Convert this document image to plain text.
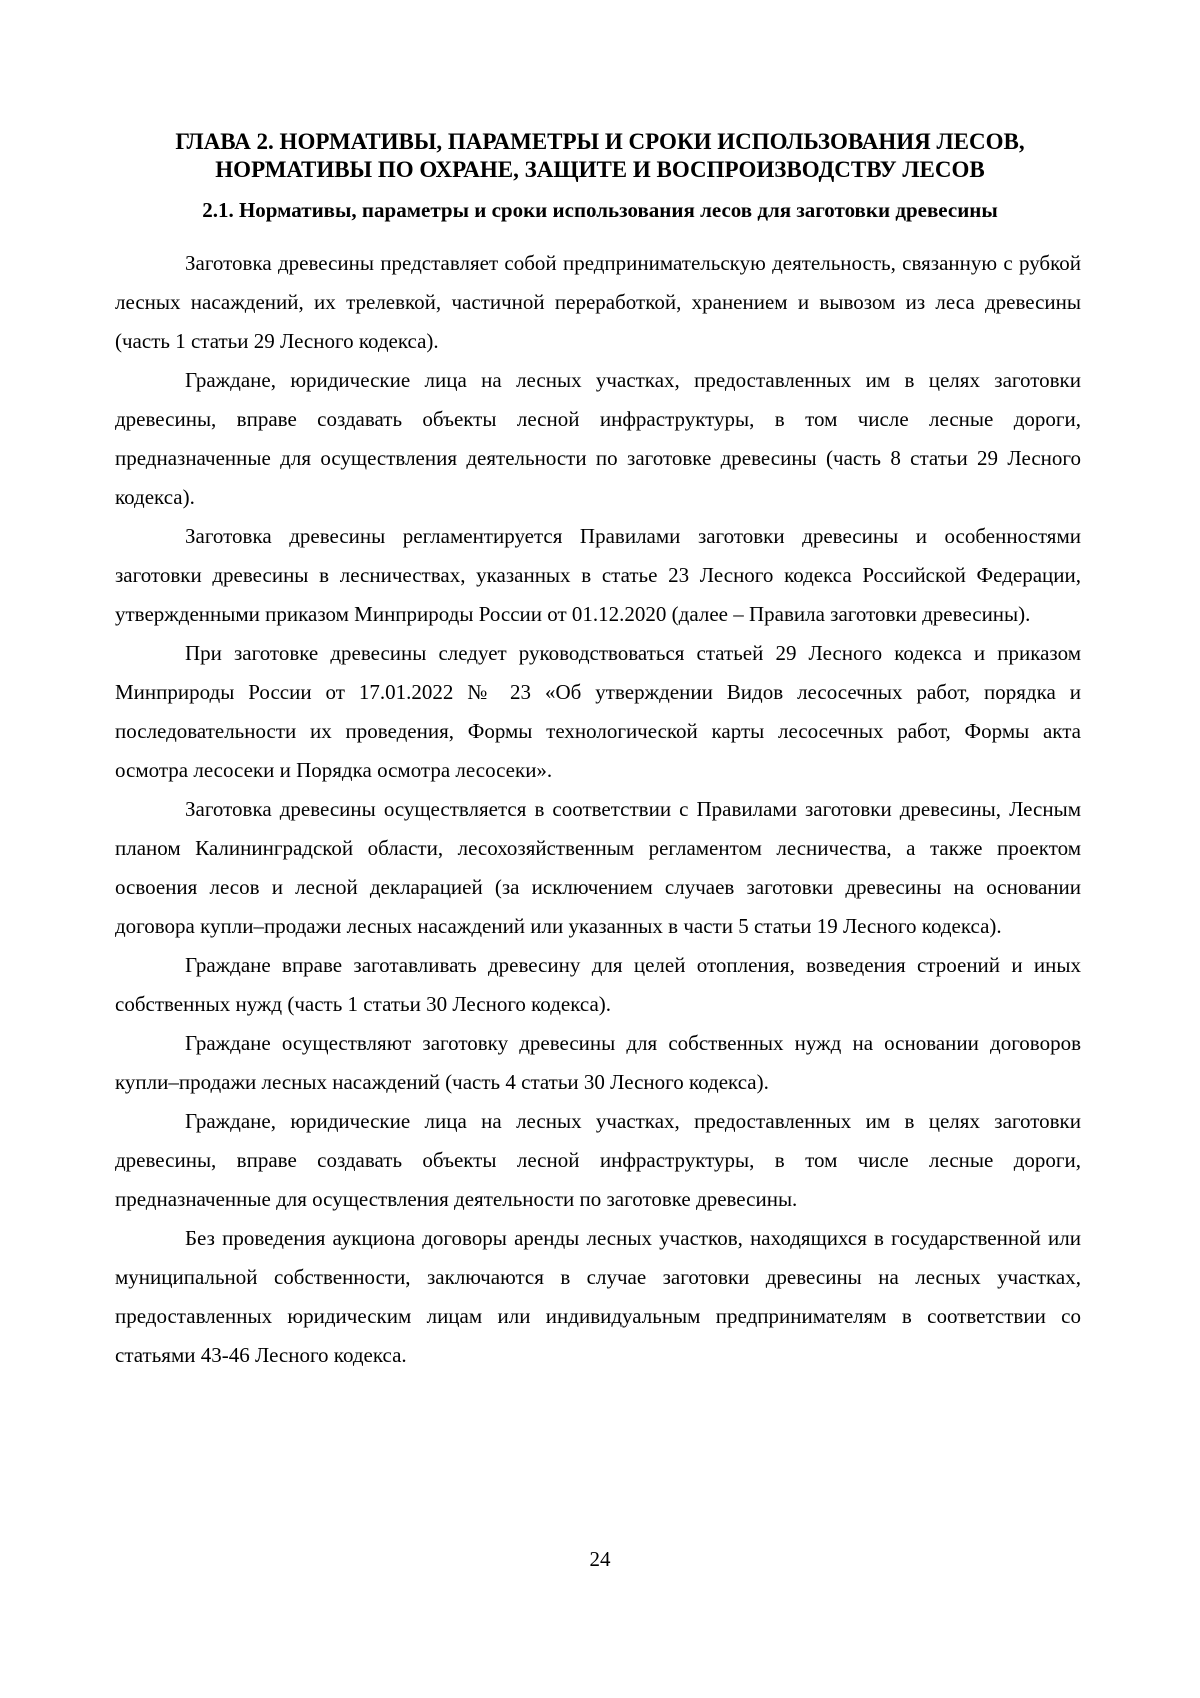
ГЛАВА 2. НОРМАТИВЫ, ПАРАМЕТРЫ И СРОКИ ИСПОЛЬЗОВАНИЯ ЛЕСОВ,
НОРМАТИВЫ ПО ОХРАНЕ, ЗАЩИТЕ И ВОСПРОИЗВОДСТВУ ЛЕСОВ
2.1. Нормативы, параметры и сроки использования лесов для заготовки древесины

Заготовка древесины представляет собой предпринимательскую деятельность, связанную с рубкой лесных насаждений, их трелевкой, частичной переработкой, хранением и вывозом из леса древесины (часть 1 статьи 29 Лесного кодекса).

Граждане, юридические лица на лесных участках, предоставленных им в целях заготовки древесины, вправе создавать объекты лесной инфраструктуры, в том числе лесные дороги, предназначенные для осуществления деятельности по заготовке древесины (часть 8 статьи 29 Лесного кодекса).

Заготовка древесины регламентируется Правилами заготовки древесины и особенностями заготовки древесины в лесничествах, указанных в статье 23 Лесного кодекса Российской Федерации, утвержденными приказом Минприроды России от 01.12.2020 (далее – Правила заготовки древесины).

При заготовке древесины следует руководствоваться статьей 29 Лесного кодекса и приказом Минприроды России от 17.01.2022 № 23 «Об утверждении Видов лесосечных работ, порядка и последовательности их проведения, Формы технологической карты лесосечных работ, Формы акта осмотра лесосеки и Порядка осмотра лесосеки».

Заготовка древесины осуществляется в соответствии с Правилами заготовки древесины, Лесным планом Калининградской области, лесохозяйственным регламентом лесничества, а также проектом освоения лесов и лесной декларацией (за исключением случаев заготовки древесины на основании договора купли–продажи лесных насаждений или указанных в части 5 статьи 19 Лесного кодекса).

Граждане вправе заготавливать древесину для целей отопления, возведения строений и иных собственных нужд (часть 1 статьи 30 Лесного кодекса).

Граждане осуществляют заготовку древесины для собственных нужд на основании договоров купли–продажи лесных насаждений (часть 4 статьи 30 Лесного кодекса).

Граждане, юридические лица на лесных участках, предоставленных им в целях заготовки древесины, вправе создавать объекты лесной инфраструктуры, в том числе лесные дороги, предназначенные для осуществления деятельности по заготовке древесины.

Без проведения аукциона договоры аренды лесных участков, находящихся в государственной или муниципальной собственности, заключаются в случае заготовки древесины на лесных участках, предоставленных юридическим лицам или индивидуальным предпринимателям в соответствии со статьями 43-46 Лесного кодекса.

24
